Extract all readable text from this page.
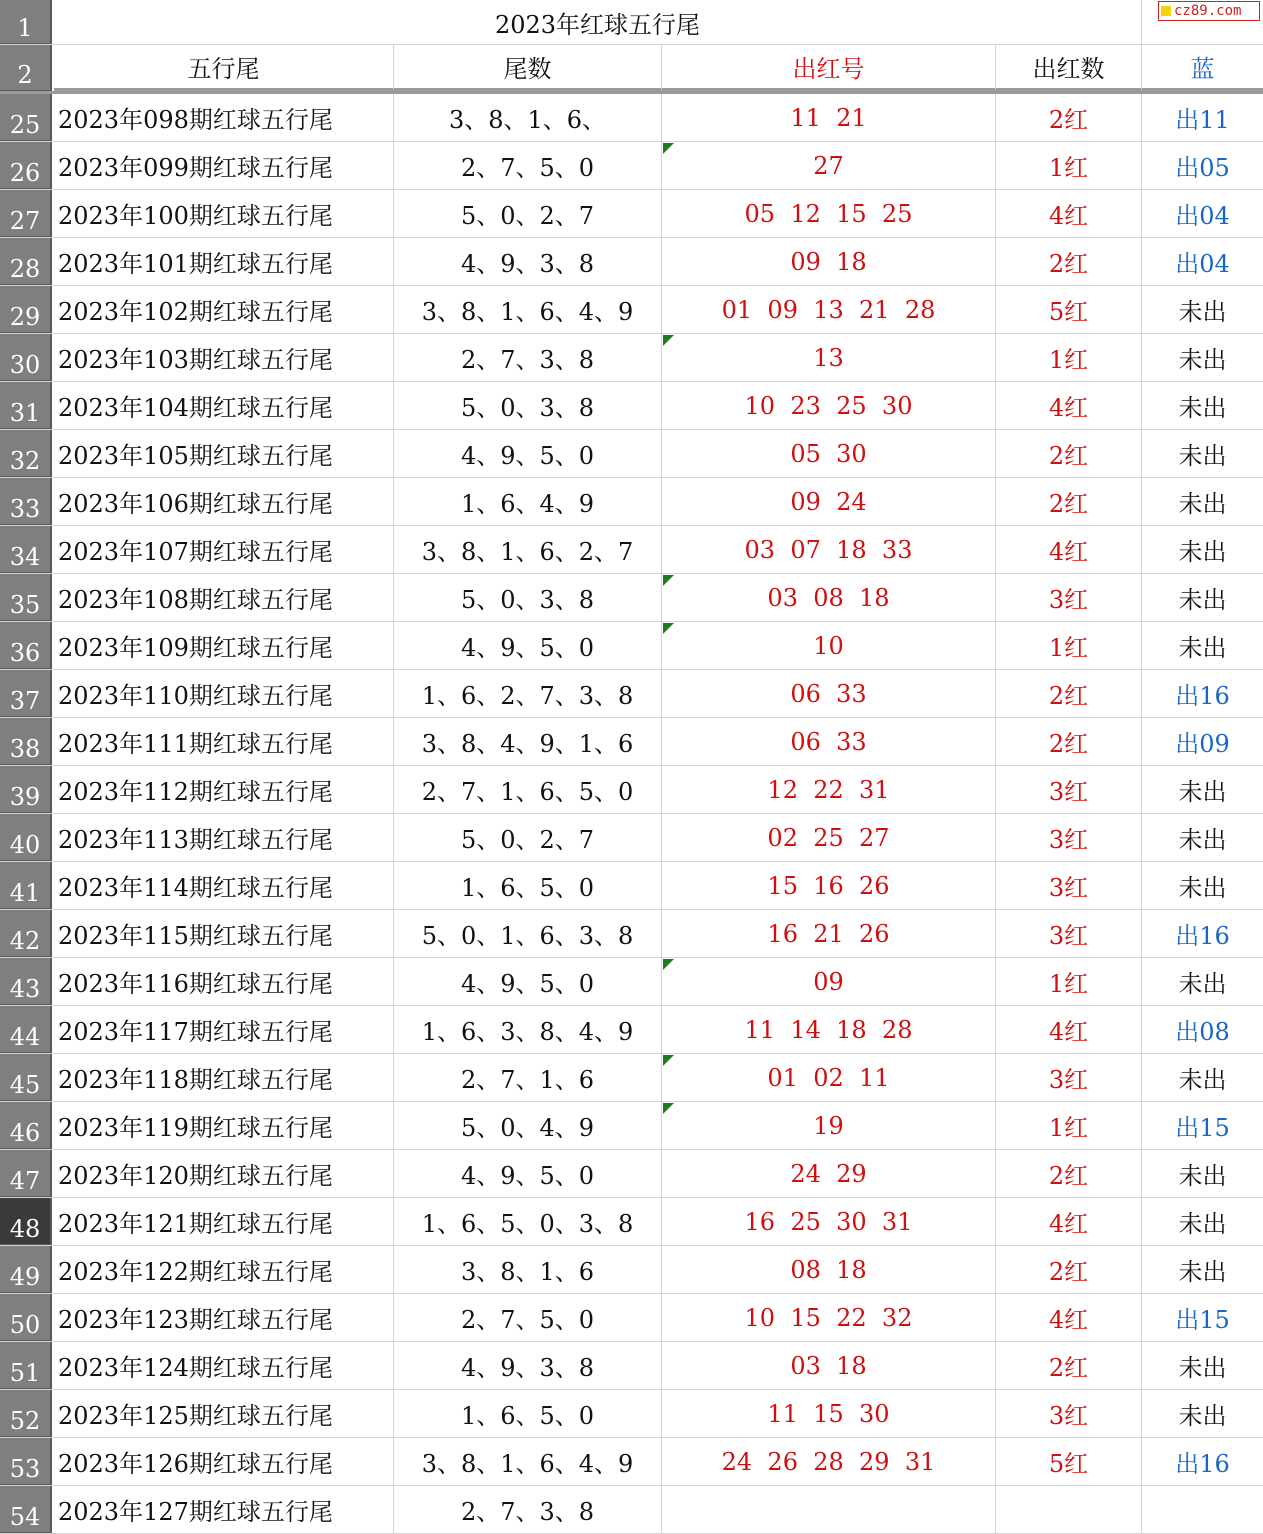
cz89.com
1	2023年红球五行尾
2	五行尾	尾数	出红号	出红数	蓝
25 2023年098期红球五行尾	3、8、1、6、	11  21	2红	出11
26 2023年099期红球五行尾	2、7、5、0	27	1红	出05
27 2023年100期红球五行尾	5、0、2、7	05  12  15  25	4红	出04
28 2023年101期红球五行尾	4、9、3、8	09  18	2红	出04
29 2023年102期红球五行尾	3、8、1、6、4、9	01  09  13  21  28	5红	未出
30 2023年103期红球五行尾	2、7、3、8	13	1红	未出
31 2023年104期红球五行尾	5、0、3、8	10  23  25  30	4红	未出
32 2023年105期红球五行尾	4、9、5、0	05  30	2红	未出
33 2023年106期红球五行尾	1、6、4、9	09  24	2红	未出
34 2023年107期红球五行尾	3、8、1、6、2、7	03  07  18  33	4红	未出
35 2023年108期红球五行尾	5、0、3、8	03  08  18	3红	未出
36 2023年109期红球五行尾	4、9、5、0	10	1红	未出
37 2023年110期红球五行尾	1、6、2、7、3、8	06  33	2红	出16
38 2023年111期红球五行尾	3、8、4、9、1、6	06  33	2红	出09
39 2023年112期红球五行尾	2、7、1、6、5、0	12  22  31	3红	未出
40 2023年113期红球五行尾	5、0、2、7	02  25  27	3红	未出
41 2023年114期红球五行尾	1、6、5、0	15  16  26	3红	未出
42 2023年115期红球五行尾	5、0、1、6、3、8	16  21  26	3红	出16
43 2023年116期红球五行尾	4、9、5、0	09	1红	未出
44 2023年117期红球五行尾	1、6、3、8、4、9	11  14  18  28	4红	出08
45 2023年118期红球五行尾	2、7、1、6	01  02  11	3红	未出
46 2023年119期红球五行尾	5、0、4、9	19	1红	出15
47 2023年120期红球五行尾	4、9、5、0	24  29	2红	未出
48 2023年121期红球五行尾	1、6、5、0、3、8	16  25  30  31	4红	未出
49 2023年122期红球五行尾	3、8、1、6	08  18	2红	未出
50 2023年123期红球五行尾	2、7、5、0	10  15  22  32	4红	出15
51 2023年124期红球五行尾	4、9、3、8	03  18	2红	未出
52 2023年125期红球五行尾	1、6、5、0	11  15  30	3红	未出
53 2023年126期红球五行尾	3、8、1、6、4、9	24  26  28  29  31	5红	出16
54 2023年127期红球五行尾	2、7、3、8
